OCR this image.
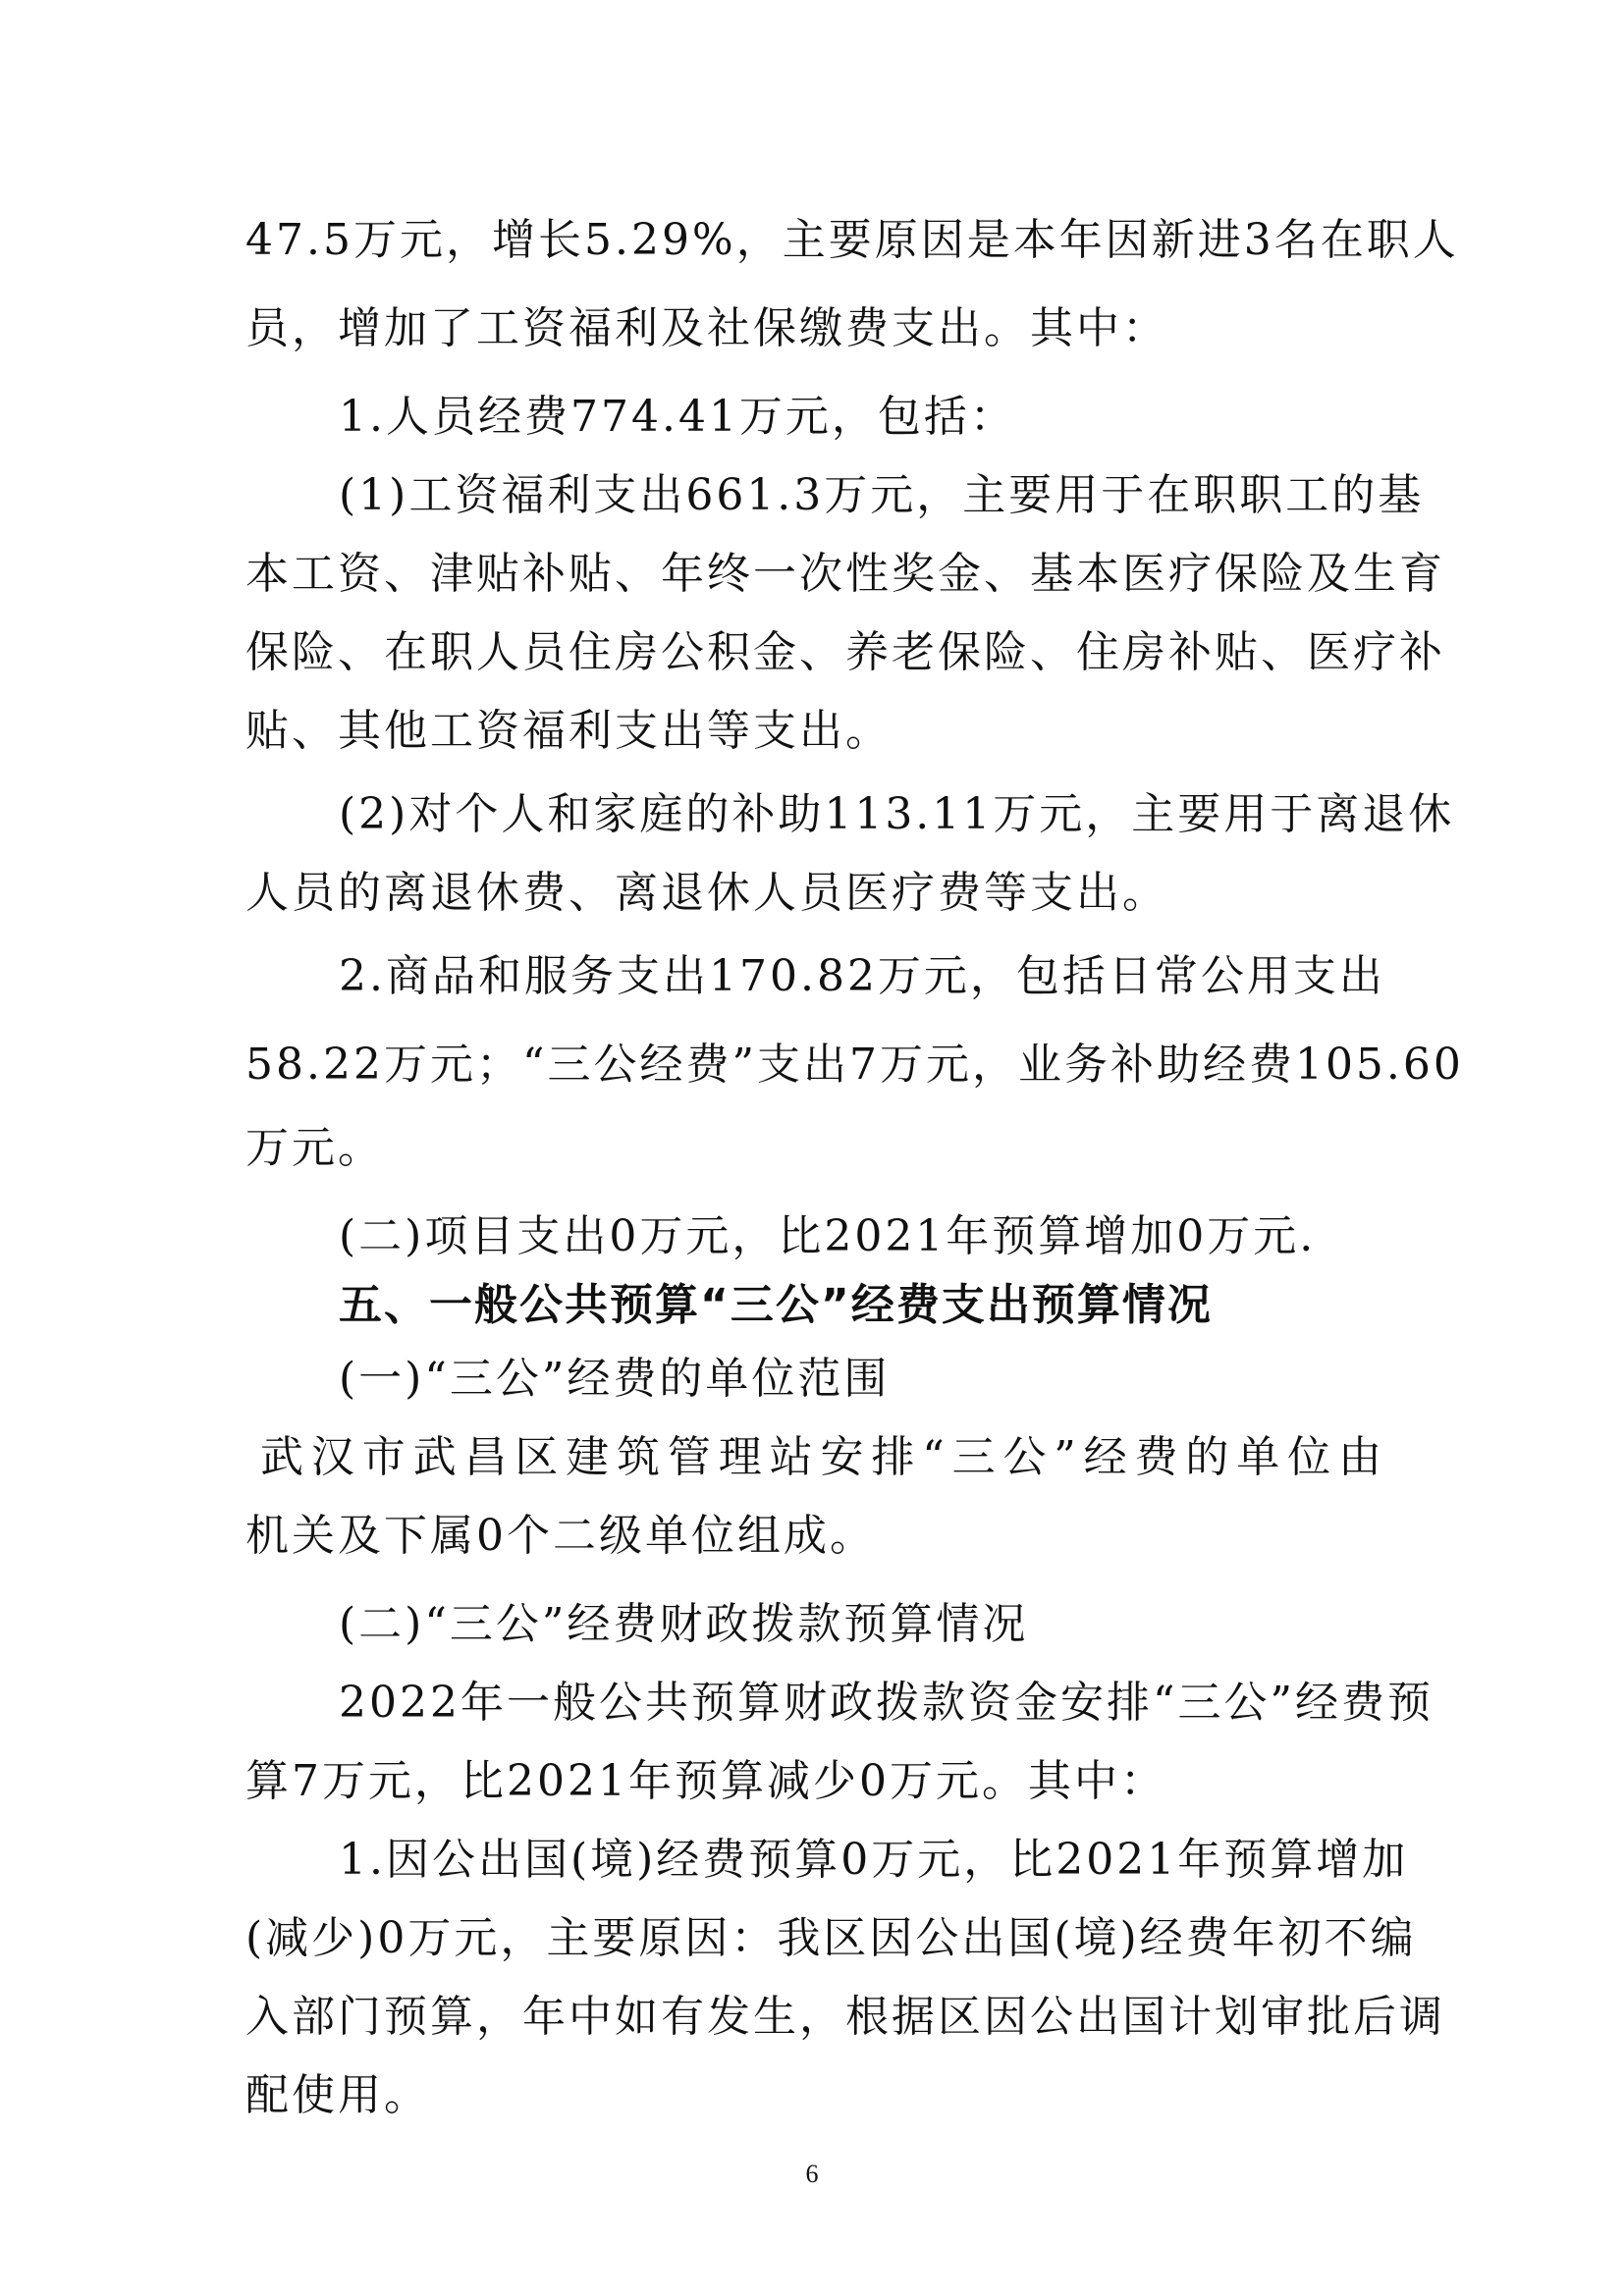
47.5万元，增长5.29%，主要原因是本年因新进3名在职人
员，增加了工资福利及社保缴费支出。其中：
1.人员经费774.41万元，包括：
(1)工资福利支出661.3万元，主要用于在职职工的基
本工资、津贴补贴、年终一次性奖金、基本医疗保险及生育
保险、在职人员住房公积金、养老保险、住房补贴、医疗补
贴、其他工资福利支出等支出。
(2)对个人和家庭的补助113.11万元，主要用于离退休
人员的离退休费、离退休人员医疗费等支出。
2.商品和服务支出170.82万元，包括日常公用支出
58.22万元；“三公经费”支出7万元，业务补助经费105.60
万元。
(二)项目支出0万元，比2021年预算增加0万元.
五、一般公共预算“三公”经费支出预算情况
(一)“三公”经费的单位范围
武汉市武昌区建筑管理站安排“三公”经费的单位由
机关及下属0个二级单位组成。
(二)“三公”经费财政拨款预算情况
2022年一般公共预算财政拨款资金安排“三公”经费预
算7万元，比2021年预算减少0万元。其中：
1.因公出国(境)经费预算0万元，比2021年预算增加
(减少)0万元，主要原因：我区因公出国(境)经费年初不编
入部门预算，年中如有发生，根据区因公出国计划审批后调
配使用。
6
